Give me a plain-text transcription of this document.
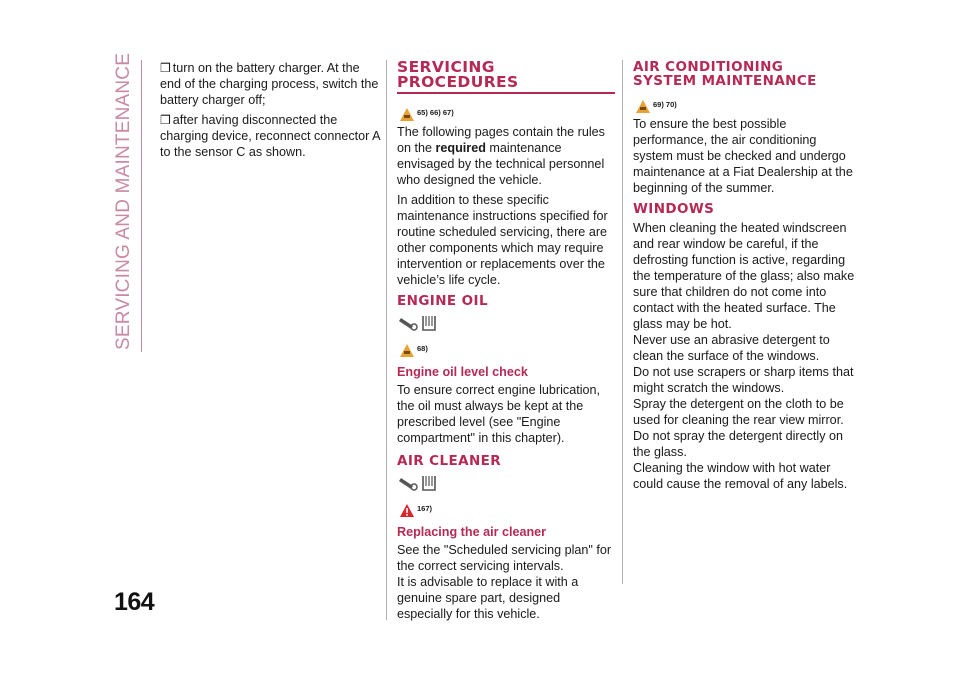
SERVICING AND MAINTENANCE
164

❒ turn on the battery charger. At the end of the charging process, switch the battery charger off;

❒ after having disconnected the charging device, reconnect connector A to the sensor C as shown.

SERVICING
PROCEDURES
65) 66) 67)

The following pages contain the rules on the required maintenance envisaged by the technical personnel who designed the vehicle.

In addition to these specific maintenance instructions specified for routine scheduled servicing, there are other components which may require intervention or replacements over the vehicle’s life cycle.

ENGINE OIL
68)
Engine oil level check

To ensure correct engine lubrication, the oil must always be kept at the prescribed level (see "Engine compartment" in this chapter).

AIR CLEANER
167)
Replacing the air cleaner

See the "Scheduled servicing plan" for the correct servicing intervals.

It is advisable to replace it with a genuine spare part, designed especially for this vehicle.

AIR CONDITIONING
SYSTEM MAINTENANCE
69) 70)

To ensure the best possible performance, the air conditioning system must be checked and undergo maintenance at a Fiat Dealership at the beginning of the summer.

WINDOWS
When cleaning the heated windscreen and rear window be careful, if the defrosting function is active, regarding the temperature of the glass; also make sure that children do not come into contact with the heated surface. The glass may be hot.
Never use an abrasive detergent to clean the surface of the windows.
Do not use scrapers or sharp items that might scratch the windows.
Spray the detergent on the cloth to be used for cleaning the rear view mirror.
Do not spray the detergent directly on the glass.
Cleaning the window with hot water could cause the removal of any labels.
